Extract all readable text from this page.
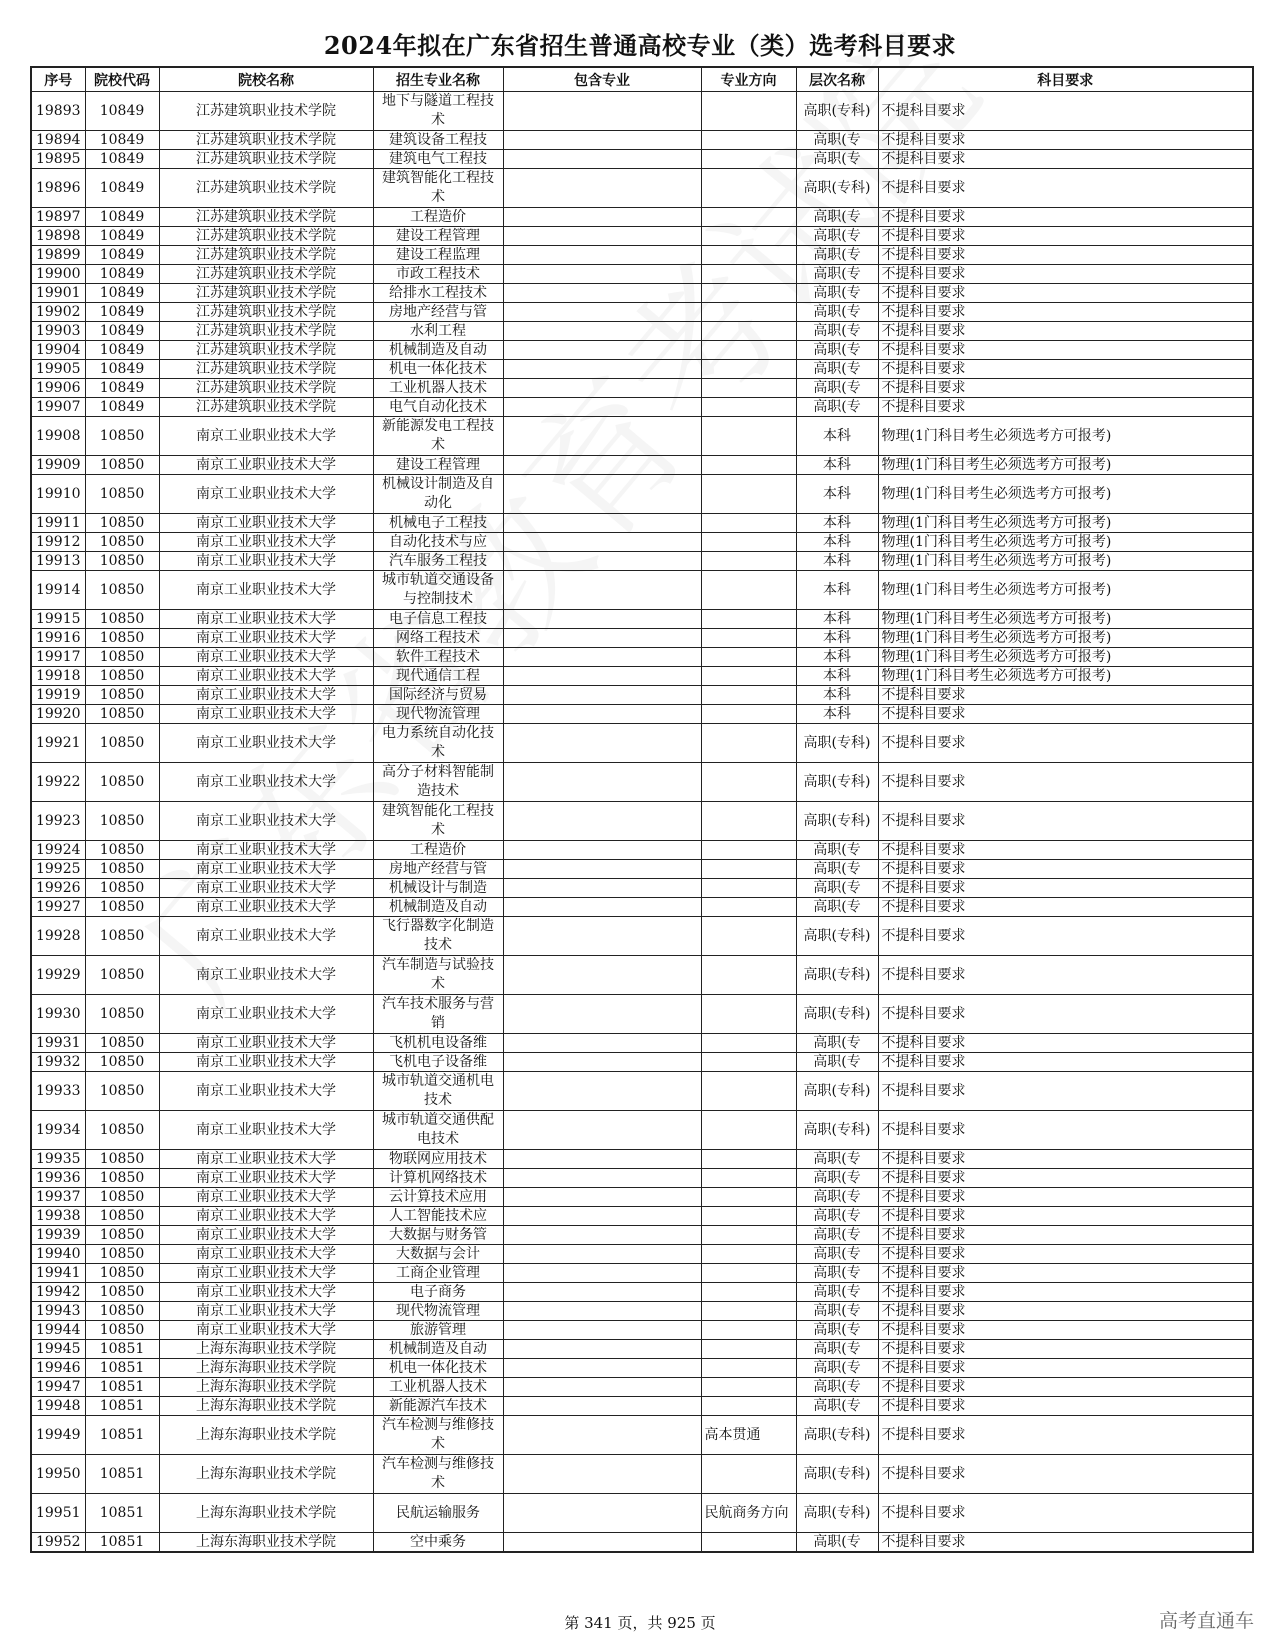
2024年拟在广东省招生普通高校专业（类）选考科目要求
序号	院校代码	院校名称	招生专业名称	包含专业	专业方向	层次名称	科目要求
19893	10849	江苏建筑职业技术学院	地下与隧道工程技术			高职(专科)	不提科目要求
19894	10849	江苏建筑职业技术学院	建筑设备工程技			高职(专	不提科目要求
19895	10849	江苏建筑职业技术学院	建筑电气工程技			高职(专	不提科目要求
19896	10849	江苏建筑职业技术学院	建筑智能化工程技术			高职(专科)	不提科目要求
19897	10849	江苏建筑职业技术学院	工程造价			高职(专	不提科目要求
19898	10849	江苏建筑职业技术学院	建设工程管理			高职(专	不提科目要求
19899	10849	江苏建筑职业技术学院	建设工程监理			高职(专	不提科目要求
19900	10849	江苏建筑职业技术学院	市政工程技术			高职(专	不提科目要求
19901	10849	江苏建筑职业技术学院	给排水工程技术			高职(专	不提科目要求
19902	10849	江苏建筑职业技术学院	房地产经营与管			高职(专	不提科目要求
19903	10849	江苏建筑职业技术学院	水利工程			高职(专	不提科目要求
19904	10849	江苏建筑职业技术学院	机械制造及自动			高职(专	不提科目要求
19905	10849	江苏建筑职业技术学院	机电一体化技术			高职(专	不提科目要求
19906	10849	江苏建筑职业技术学院	工业机器人技术			高职(专	不提科目要求
19907	10849	江苏建筑职业技术学院	电气自动化技术			高职(专	不提科目要求
19908	10850	南京工业职业技术大学	新能源发电工程技术			本科	物理(1门科目考生必须选考方可报考)
19909	10850	南京工业职业技术大学	建设工程管理			本科	物理(1门科目考生必须选考方可报考)
19910	10850	南京工业职业技术大学	机械设计制造及自动化			本科	物理(1门科目考生必须选考方可报考)
19911	10850	南京工业职业技术大学	机械电子工程技			本科	物理(1门科目考生必须选考方可报考)
19912	10850	南京工业职业技术大学	自动化技术与应			本科	物理(1门科目考生必须选考方可报考)
19913	10850	南京工业职业技术大学	汽车服务工程技			本科	物理(1门科目考生必须选考方可报考)
19914	10850	南京工业职业技术大学	城市轨道交通设备与控制技术			本科	物理(1门科目考生必须选考方可报考)
19915	10850	南京工业职业技术大学	电子信息工程技			本科	物理(1门科目考生必须选考方可报考)
19916	10850	南京工业职业技术大学	网络工程技术			本科	物理(1门科目考生必须选考方可报考)
19917	10850	南京工业职业技术大学	软件工程技术			本科	物理(1门科目考生必须选考方可报考)
19918	10850	南京工业职业技术大学	现代通信工程			本科	物理(1门科目考生必须选考方可报考)
19919	10850	南京工业职业技术大学	国际经济与贸易			本科	不提科目要求
19920	10850	南京工业职业技术大学	现代物流管理			本科	不提科目要求
19921	10850	南京工业职业技术大学	电力系统自动化技术			高职(专科)	不提科目要求
19922	10850	南京工业职业技术大学	高分子材料智能制造技术			高职(专科)	不提科目要求
19923	10850	南京工业职业技术大学	建筑智能化工程技术			高职(专科)	不提科目要求
19924	10850	南京工业职业技术大学	工程造价			高职(专	不提科目要求
19925	10850	南京工业职业技术大学	房地产经营与管			高职(专	不提科目要求
19926	10850	南京工业职业技术大学	机械设计与制造			高职(专	不提科目要求
19927	10850	南京工业职业技术大学	机械制造及自动			高职(专	不提科目要求
19928	10850	南京工业职业技术大学	飞行器数字化制造技术			高职(专科)	不提科目要求
19929	10850	南京工业职业技术大学	汽车制造与试验技术			高职(专科)	不提科目要求
19930	10850	南京工业职业技术大学	汽车技术服务与营销			高职(专科)	不提科目要求
19931	10850	南京工业职业技术大学	飞机机电设备维			高职(专	不提科目要求
19932	10850	南京工业职业技术大学	飞机电子设备维			高职(专	不提科目要求
19933	10850	南京工业职业技术大学	城市轨道交通机电技术			高职(专科)	不提科目要求
19934	10850	南京工业职业技术大学	城市轨道交通供配电技术			高职(专科)	不提科目要求
19935	10850	南京工业职业技术大学	物联网应用技术			高职(专	不提科目要求
19936	10850	南京工业职业技术大学	计算机网络技术			高职(专	不提科目要求
19937	10850	南京工业职业技术大学	云计算技术应用			高职(专	不提科目要求
19938	10850	南京工业职业技术大学	人工智能技术应			高职(专	不提科目要求
19939	10850	南京工业职业技术大学	大数据与财务管			高职(专	不提科目要求
19940	10850	南京工业职业技术大学	大数据与会计			高职(专	不提科目要求
19941	10850	南京工业职业技术大学	工商企业管理			高职(专	不提科目要求
19942	10850	南京工业职业技术大学	电子商务			高职(专	不提科目要求
19943	10850	南京工业职业技术大学	现代物流管理			高职(专	不提科目要求
19944	10850	南京工业职业技术大学	旅游管理			高职(专	不提科目要求
19945	10851	上海东海职业技术学院	机械制造及自动			高职(专	不提科目要求
19946	10851	上海东海职业技术学院	机电一体化技术			高职(专	不提科目要求
19947	10851	上海东海职业技术学院	工业机器人技术			高职(专	不提科目要求
19948	10851	上海东海职业技术学院	新能源汽车技术			高职(专	不提科目要求
19949	10851	上海东海职业技术学院	汽车检测与维修技术		高本贯通	高职(专科)	不提科目要求
19950	10851	上海东海职业技术学院	汽车检测与维修技术			高职(专科)	不提科目要求
19951	10851	上海东海职业技术学院	民航运输服务		民航商务方向	高职(专科)	不提科目要求
19952	10851	上海东海职业技术学院	空中乘务			高职(专	不提科目要求
第 341 页，共 925 页	高考直通车
